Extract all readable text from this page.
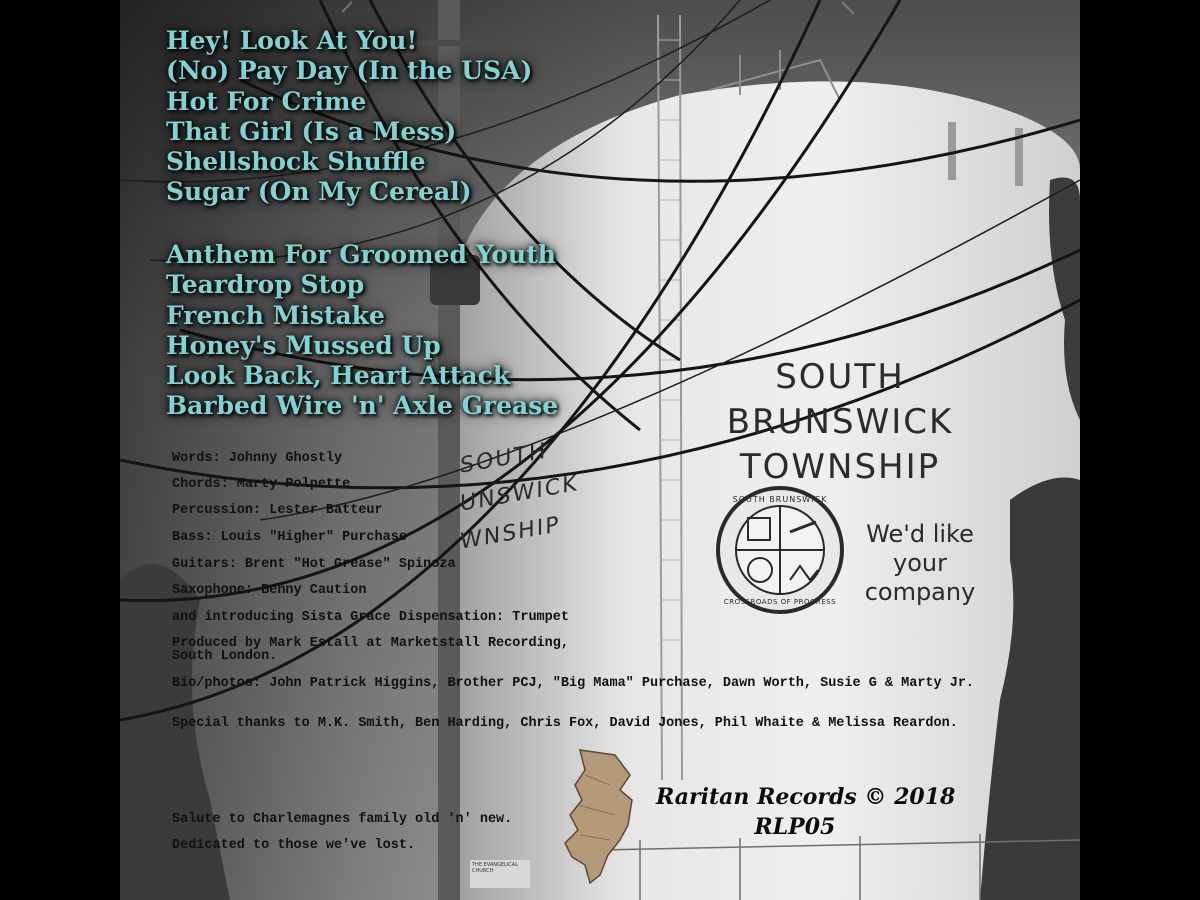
SOUTH
BRUNSWICK
TOWNSHIP
We'd like
your
company
SOUTH BRUNSWICK
CROSSROADS OF PROGRESS
SOUTH
UNSWICK
WNSHIP
THE EVANGELICAL CHURCH
Hey! Look At You!
(No) Pay Day (In the USA)
Hot For Crime
That Girl (Is a Mess)
Shellshock Shuffle
Sugar (On My Cereal)
Anthem For Groomed Youth
Teardrop Stop
French Mistake
Honey's Mussed Up
Look Back, Heart Attack
Barbed Wire 'n' Axle Grease
Words: Johnny Ghostly
Chords: Marty Polpette
Percussion: Lester Batteur
Bass: Louis "Higher" Purchase
Guitars: Brent "Hot Grease" Spinoza
Saxophone: Benny Caution
and introducing Sista Grace Dispensation: Trumpet
Produced by Mark Estall at Marketstall Recording, South London.
Bio/photos: John Patrick Higgins, Brother PCJ, "Big Mama" Purchase, Dawn Worth, Susie G & Marty Jr.
Special thanks to M.K. Smith, Ben Harding, Chris Fox, David Jones, Phil Whaite & Melissa Reardon.
Salute to Charlemagnes family old 'n' new.
Dedicated to those we've lost.
Raritan Records © 2018
RLP05
